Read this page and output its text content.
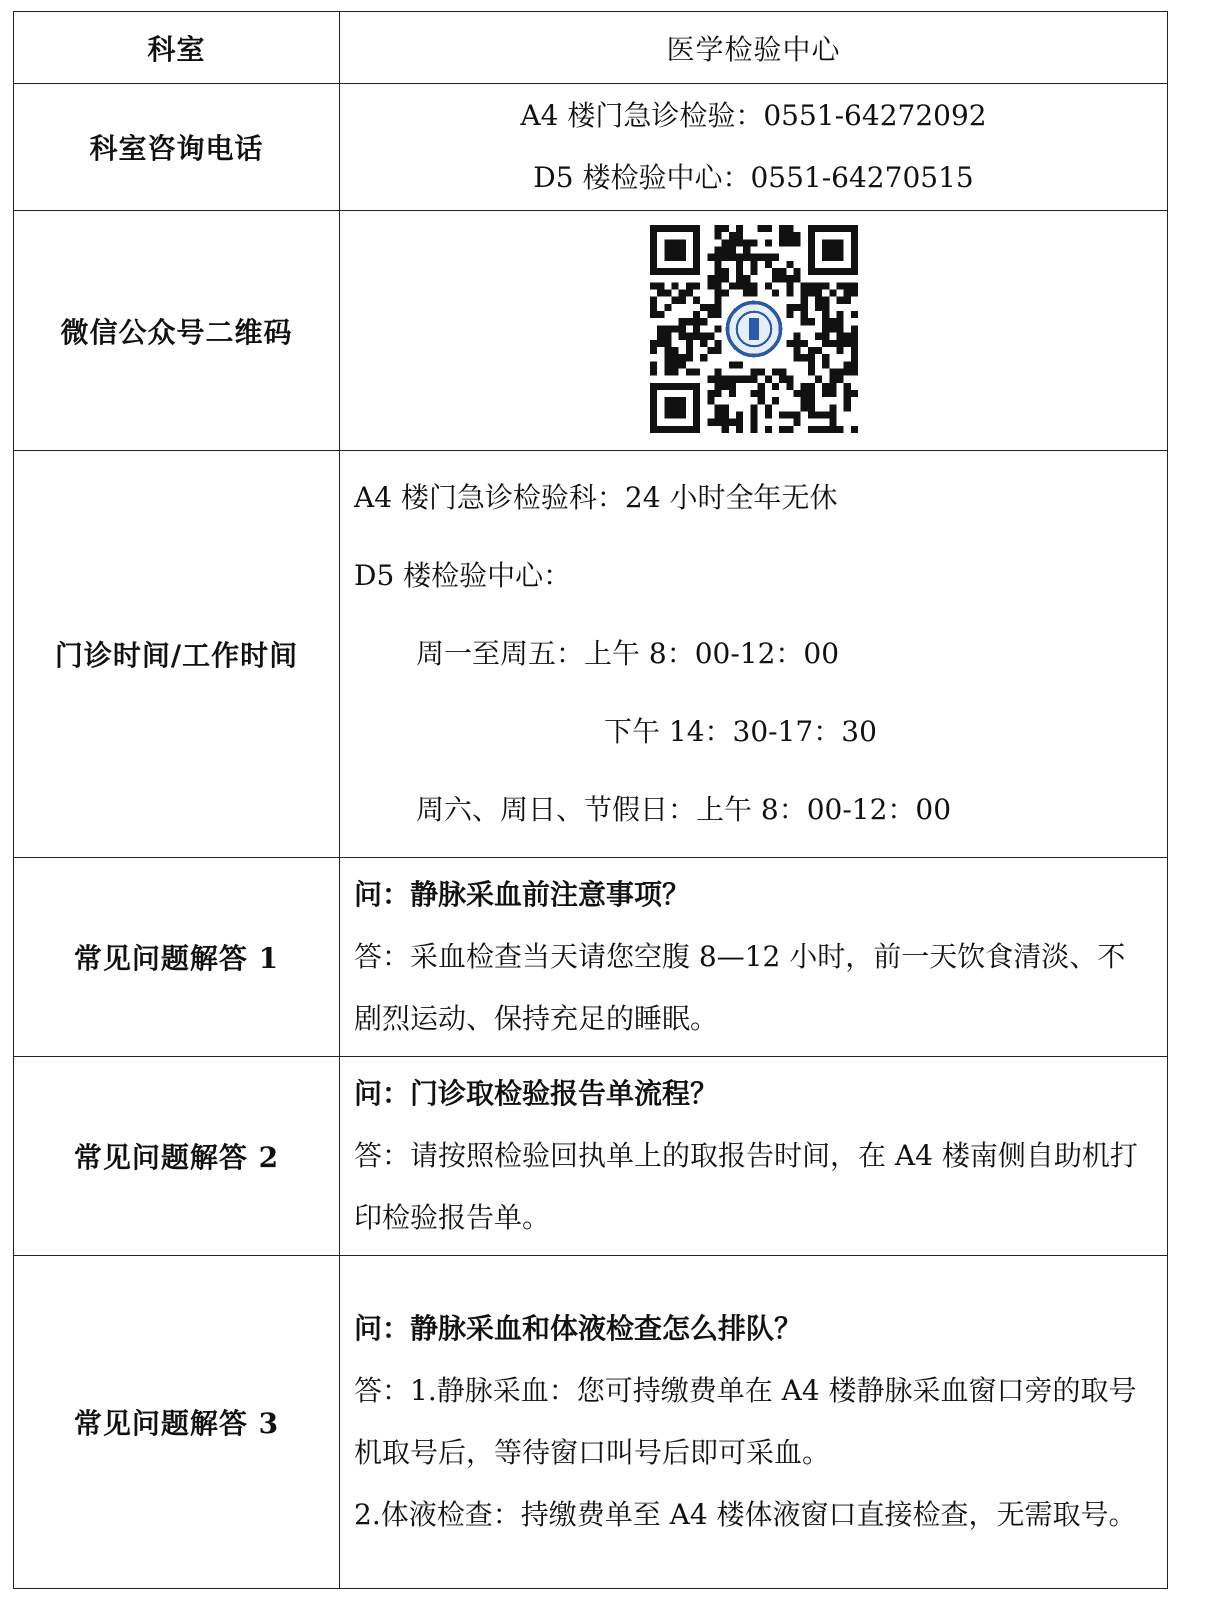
科室	医学检验中心
科室咨询电话	A4 楼门急诊检验：0551-64272092
D5 楼检验中心：0551-64270515

微信公众号二维码	
门诊时间/工作时间	A4 楼门急诊检验科：24 小时全年无休
D5 楼检验中心：
周一至周五：上午 8：00-12：00
下午 14：30-17：30
周六、周日、节假日：上午 8：00-12：00

常见问题解答 1	问：静脉采血前注意事项？
答：采血检查当天请您空腹 8—12 小时，前一天饮食清淡、不剧烈运动、保持充足的睡眠。

常见问题解答 2	问：门诊取检验报告单流程？
答：请按照检验回执单上的取报告时间，在 A4 楼南侧自助机打印检验报告单。

常见问题解答 3	问：静脉采血和体液检查怎么排队？
答：1.静脉采血：您可持缴费单在 A4 楼静脉采血窗口旁的取号机取号后，等待窗口叫号后即可采血。
2.体液检查：持缴费单至 A4 楼体液窗口直接检查，无需取号。
